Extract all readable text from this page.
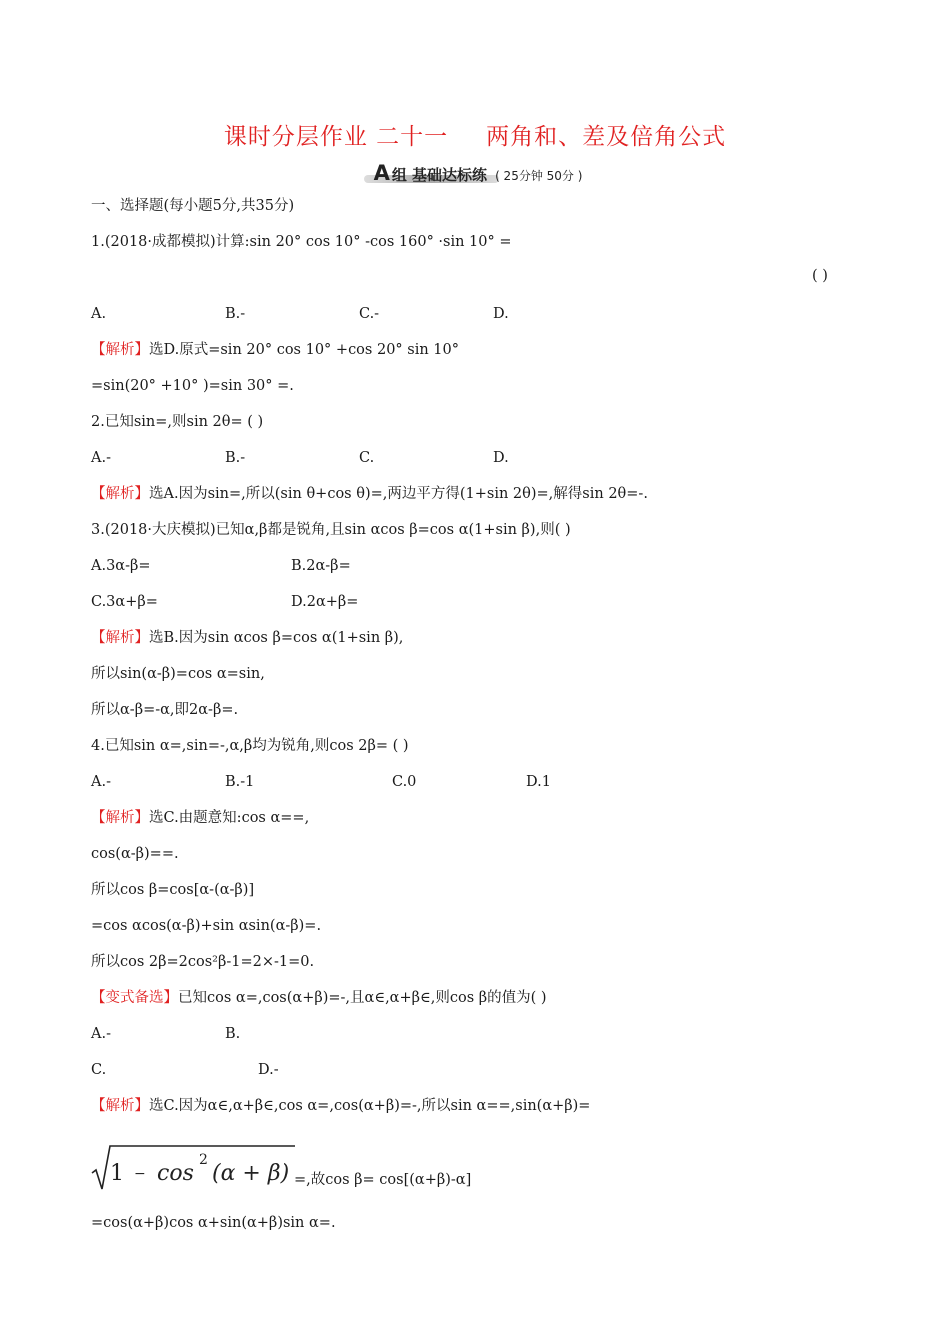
课时分层作业 二十一 两角和、差及倍角公式
A 组 基础达标练 ( 25分钟 50分 )
一、选择题(每小题5分,共35分)
1.(2018·成都模拟)计算:sin 20° cos 10° -cos 160° ·sin 10° =
( )
A.	B.-	C.-	D.
【解析】选D.原式=sin 20° cos 10° +cos 20° sin 10°
=sin(20° +10° )=sin 30° =.
2.已知sin=,则sin 2θ= ( )
A.-	B.-	C.	D.
【解析】选A.因为sin=,所以(sin θ+cos θ)=,两边平方得(1+sin 2θ)=,解得sin 2θ=-.
3.(2018·大庆模拟)已知α,β都是锐角,且sin αcos β=cos α(1+sin β),则( )
A.3α-β=	B.2α-β=
C.3α+β=	D.2α+β=
【解析】选B.因为sin αcos β=cos α(1+sin β),
所以sin(α-β)=cos α=sin,
所以α-β=-α,即2α-β=.
4.已知sin α=,sin=-,α,β均为锐角,则cos 2β= ( )
A.-	B.-1	C.0	D.1
【解析】选C.由题意知:cos α==,
cos(α-β)==.
所以cos β=cos[α-(α-β)]
=cos αcos(α-β)+sin αsin(α-β)=.
所以cos 2β=2cos²β-1=2×-1=0.
【变式备选】已知cos α=,cos(α+β)=-,且α∈,α+β∈,则cos β的值为( )
A.-	B.
C.	D.-
【解析】选C.因为α∈,α+β∈,cos α=,cos(α+β)=-,所以sin α==,sin(α+β)=
1 − cos
2
(α + β) =,故cos β= cos[(α+β)-α]
=cos(α+β)cos α+sin(α+β)sin α=.
